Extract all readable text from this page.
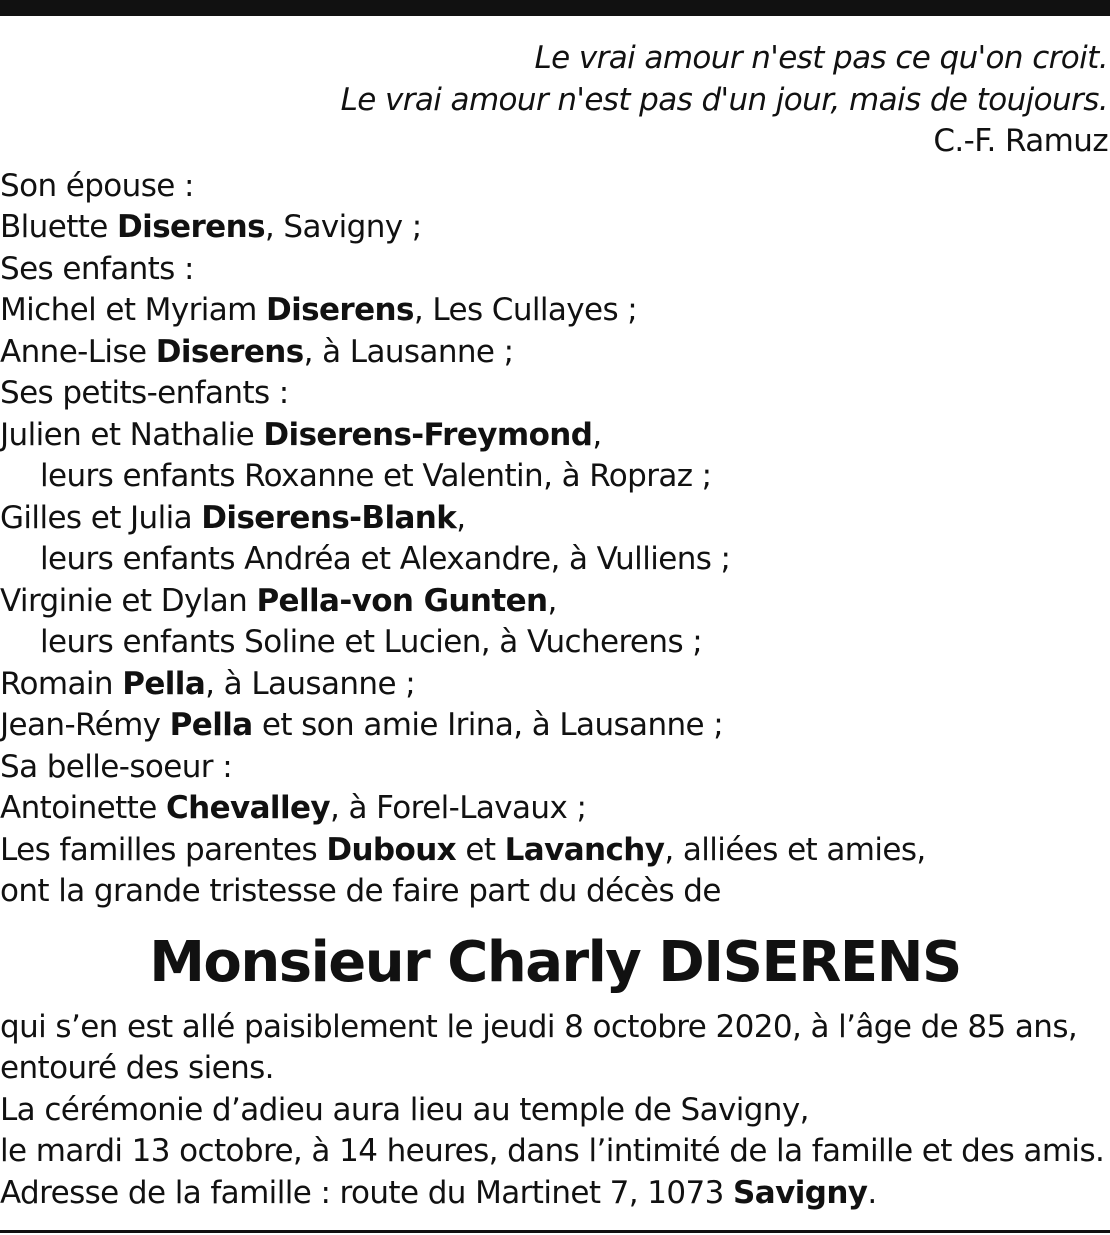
Le vrai amour n'est pas ce qu'on croit.
Le vrai amour n'est pas d'un jour, mais de toujours.
C.-F. Ramuz
Son épouse :
Bluette Diserens, Savigny ;
Ses enfants :
Michel et Myriam Diserens, Les Cullayes ;
Anne-Lise Diserens, à Lausanne ;
Ses petits-enfants :
Julien et Nathalie Diserens-Freymond,
leurs enfants Roxanne et Valentin, à Ropraz ;
Gilles et Julia Diserens-Blank,
leurs enfants Andréa et Alexandre, à Vulliens ;
Virginie et Dylan Pella-von Gunten,
leurs enfants Soline et Lucien, à Vucherens ;
Romain Pella, à Lausanne ;
Jean-Rémy Pella et son amie Irina, à Lausanne ;
Sa belle-soeur :
Antoinette Chevalley, à Forel-Lavaux ;
Les familles parentes Duboux et Lavanchy, alliées et amies,
ont la grande tristesse de faire part du décès de
Monsieur Charly DISERENS
qui s’en est allé paisiblement le jeudi 8 octobre 2020, à l’âge de 85 ans,
entouré des siens.
La cérémonie d’adieu aura lieu au temple de Savigny,
le mardi 13 octobre, à 14 heures, dans l’intimité de la famille et des amis.
Adresse de la famille : route du Martinet 7, 1073 Savigny.
